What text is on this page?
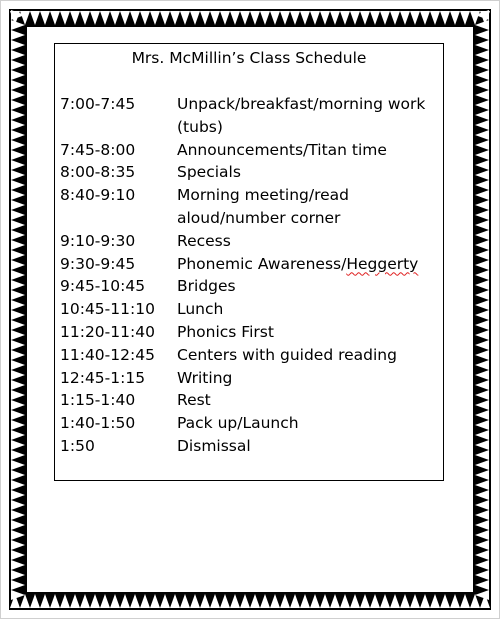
Mrs. McMillin’s Class Schedule
7:00-7:45	Unpack/breakfast/morning work (tubs)
7:45-8:00	Announcements/Titan time
8:00-8:35	Specials
8:40-9:10	Morning meeting/read aloud/number corner
9:10-9:30	Recess
9:30-9:45	Phonemic Awareness/Heggerty
9:45-10:45	Bridges
10:45-11:10	Lunch
11:20-11:40	Phonics First
11:40-12:45	Centers with guided reading
12:45-1:15	Writing
1:15-1:40	Rest
1:40-1:50	Pack up/Launch
1:50	Dismissal
